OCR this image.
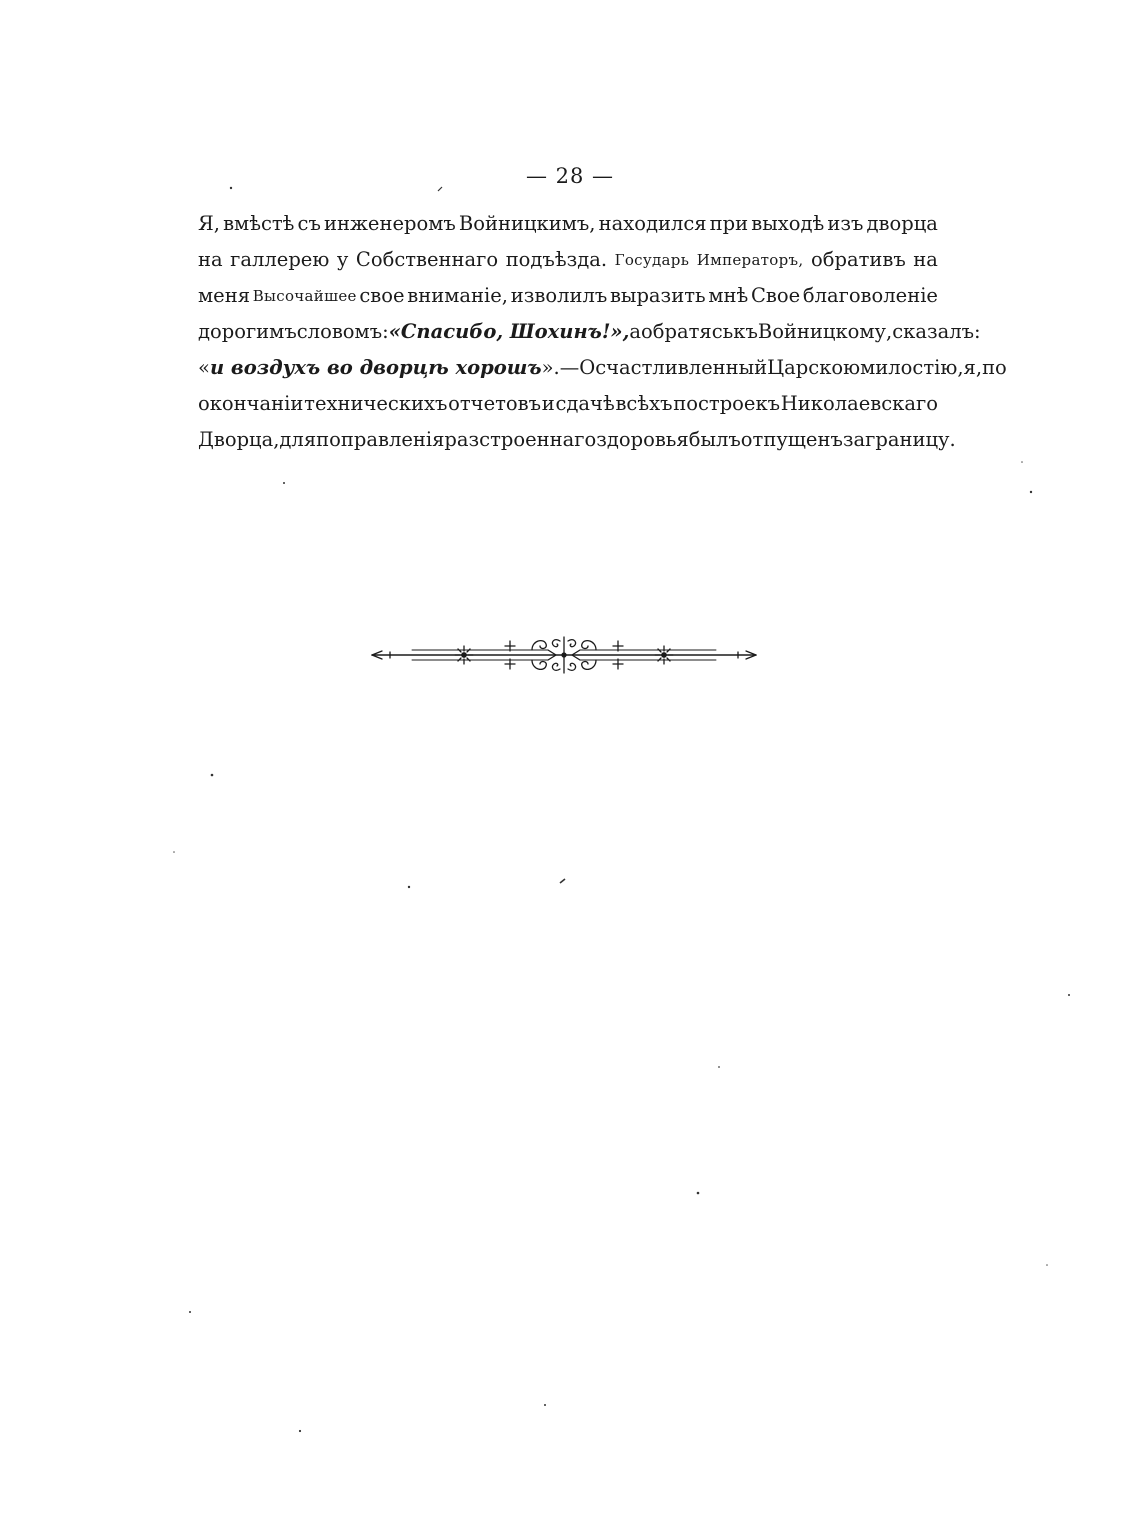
— 28 —
Я, вмѣстѣ съ инженеромъ Войницкимъ, находился при выходѣ изъ дворца
на галлерею у Собственнаго подъѣзда. Государь Императоръ, обративъ на
меня Высочайшее свое вниманіе, изволилъ выразить мнѣ Свое благоволеніе
дорогимъ словомъ: «Спасибо, Шохинъ!», а обратясь къ Войницкому, сказалъ:
«и воздухъ во дворцѣ хорошъ».—Осчастливленный Царскою милостію, я, по
окончаніи техническихъ отчетовъ и сдачѣ всѣхъ построекъ Николаевскаго
Дворца, для поправленія разстроеннаго здоровья былъ отпущенъ за границу.
